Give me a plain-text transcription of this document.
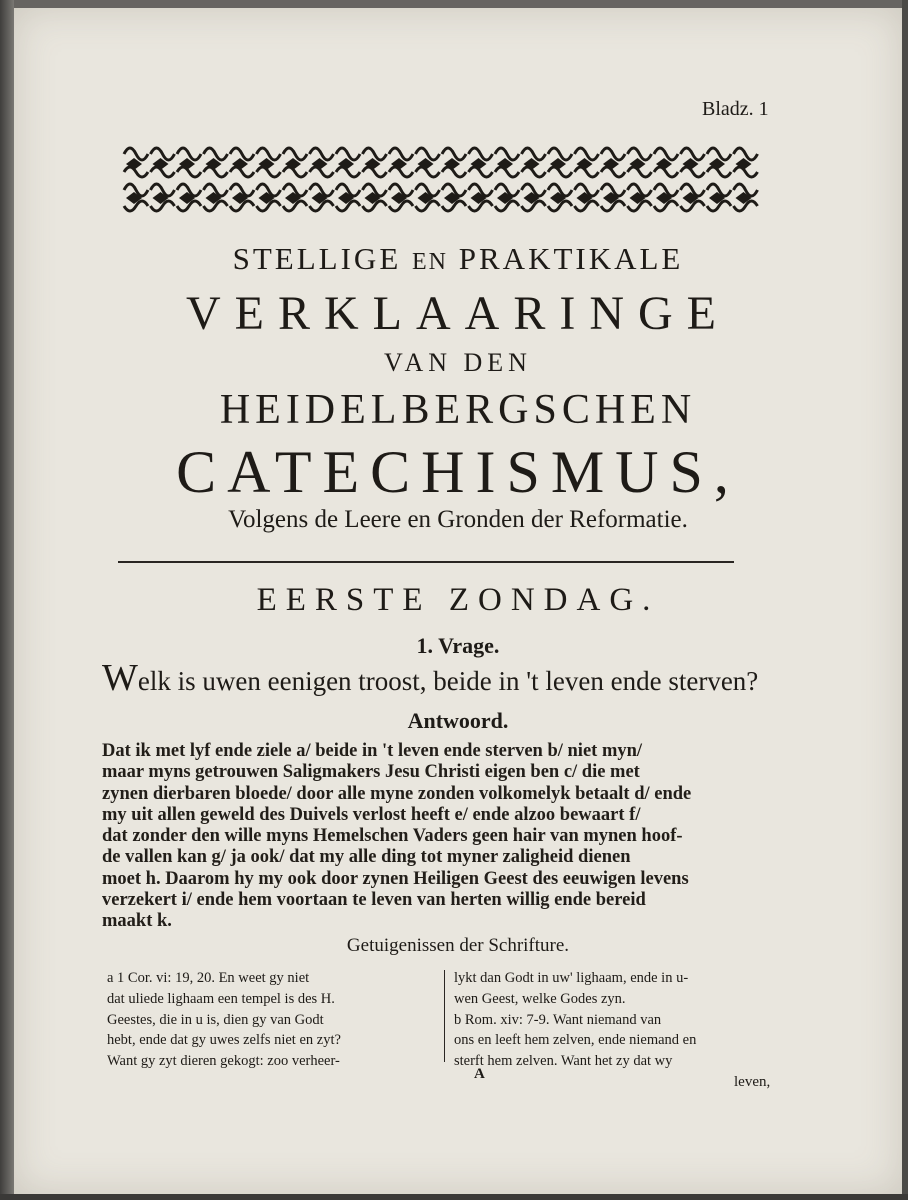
Bladz. 1
STELLIGE EN PRAKTIKALE
VERKLAARINGE
VAN DEN
HEIDELBERGSCHEN
CATECHISMUS,
Volgens de Leere en Gronden der Reformatie.
EERSTE ZONDAG.
1. Vrage.
Welk is uwen eenigen troost, beide in 't leven ende sterven?
Antwoord.
Dat ik met lyf ende ziele a/ beide in 't leven ende sterven b/ niet myn/
maar myns getrouwen Saligmakers Jesu Christi eigen ben c/ die met
zynen dierbaren bloede/ door alle myne zonden volkomelyk betaalt d/ ende
my uit allen geweld des Duivels verlost heeft e/ ende alzoo bewaart f/
dat zonder den wille myns Hemelschen Vaders geen hair van mynen hoof-
de vallen kan g/ ja ook/ dat my alle ding tot myner zaligheid dienen
moet h. Daarom hy my ook door zynen Heiligen Geest des eeuwigen levens
verzekert i/ ende hem voortaan te leven van herten willig ende bereid
maakt k.
Getuigenissen der Schrifture.
a 1 Cor. vi: 19, 20. En weet gy niet
dat uliede lighaam een tempel is des H.
Geestes, die in u is, dien gy van Godt
hebt, ende dat gy uwes zelfs niet en zyt?
Want gy zyt dieren gekogt: zoo verheer-
lykt dan Godt in uw' lighaam, ende in u-
wen Geest, welke Godes zyn.
b Rom. xiv: 7-9. Want niemand van
ons en leeft hem zelven, ende niemand en
sterft hem zelven. Want het zy dat wy
A	leven,
